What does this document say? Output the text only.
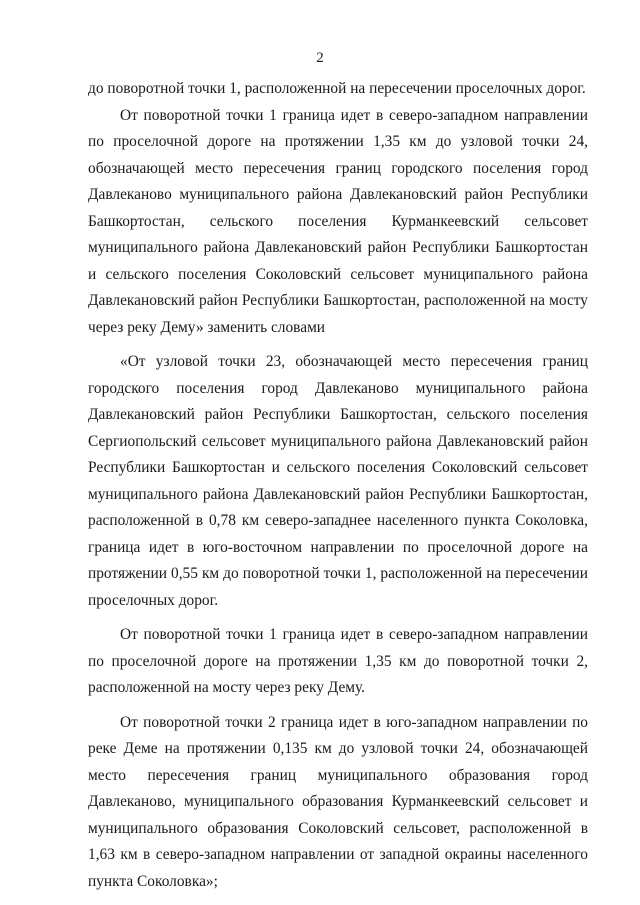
2

до поворотной точки 1, расположенной на пересечении проселочных дорог.

От поворотной точки 1 граница идет в северо-западном направлении по проселочной дороге на протяжении 1,35 км до узловой точки 24, обозначающей место пересечения границ городского поселения город Давлеканово муниципального района Давлекановский район Республики Башкортостан, сельского поселения Курманкеевский сельсовет муниципального района Давлекановский район Республики Башкортостан и сельского поселения Соколовский сельсовет муниципального района Давлекановский район Республики Башкортостан, расположенной на мосту через реку Дему» заменить словами

«От узловой точки 23, обозначающей место пересечения границ городского поселения город Давлеканово муниципального района Давлекановский район Республики Башкортостан, сельского поселения Сергиопольский сельсовет муниципального района Давлекановский район Республики Башкортостан и сельского поселения Соколовский сельсовет муниципального района Давлекановский район Республики Башкортостан, расположенной в 0,78 км северо-западнее населенного пункта Соколовка, граница идет в юго-восточном направлении по проселочной дороге на протяжении 0,55 км до поворотной точки 1, расположенной на пересечении проселочных дорог.

От поворотной точки 1 граница идет в северо-западном направлении по проселочной дороге на протяжении 1,35 км до поворотной точки 2, расположенной на мосту через реку Дему.

От поворотной точки 2 граница идет в юго-западном направлении по реке Деме на протяжении 0,135 км до узловой точки 24, обозначающей место пересечения границ муниципального образования город Давлеканово, муниципального образования Курманкеевский сельсовет и муниципального образования Соколовский сельсовет, расположенной в 1,63 км в северо-западном направлении от западной окраины населенного пункта Соколовка»;
